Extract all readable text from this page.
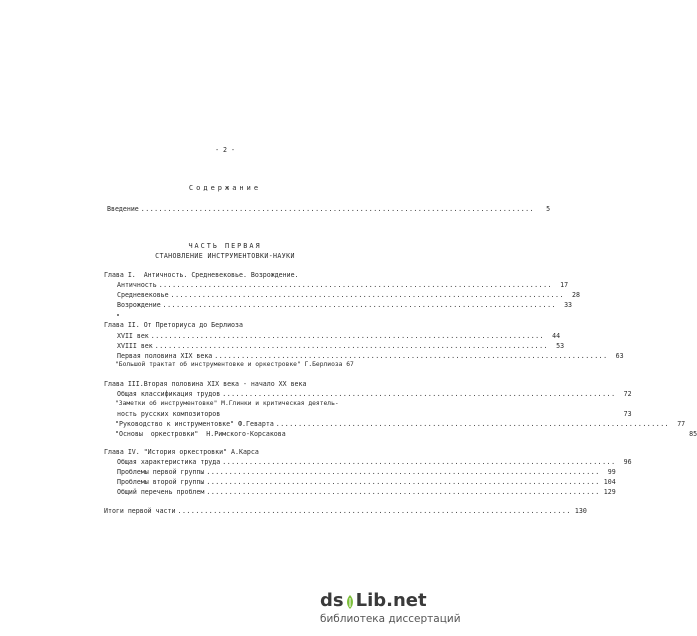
- 2 -
Содержание
Введение ........................................................................................	5
ЧАСТЬ ПЕРВАЯ
СТАНОВЛЕНИЕ ИНСТРУМЕНТОВКИ-НАУКИ
Глава I.  Античность. Средневековье. Возрождение.
Античность ........................................................................................	17
Средневековье ........................................................................................	28
Возрождение ........................................................................................	33
Глава II. От Преториуса до Берлиоза
XVII век ........................................................................................	44
XVIII век ........................................................................................	53
Первая половина XIX века ........................................................................................	63
"Большой трактат об инструментовке и оркестровке" Г.Берлиоза 67
Глава III.Вторая половина XIX века - начало XX века
Общая классификация трудов ........................................................................................	72
"Заметки об инструментовке" М.Глинки и критическая деятель-
ность русских композиторов	73
"Руководство к инструментовке" Ф.Геварта ........................................................................................	77
"Основы  оркестровки"  Н.Римского-Корсакова	85
Глава IV. "История оркестровки" А.Карса
Общая характеристика труда ........................................................................................	96
Проблемы первой группы ........................................................................................	99
Проблемы второй группы ........................................................................................ 104
Общий перечень проблем ........................................................................................ 129
Итоги первой части ........................................................................................ 130
ds Lib .net
библиотека диссертаций
